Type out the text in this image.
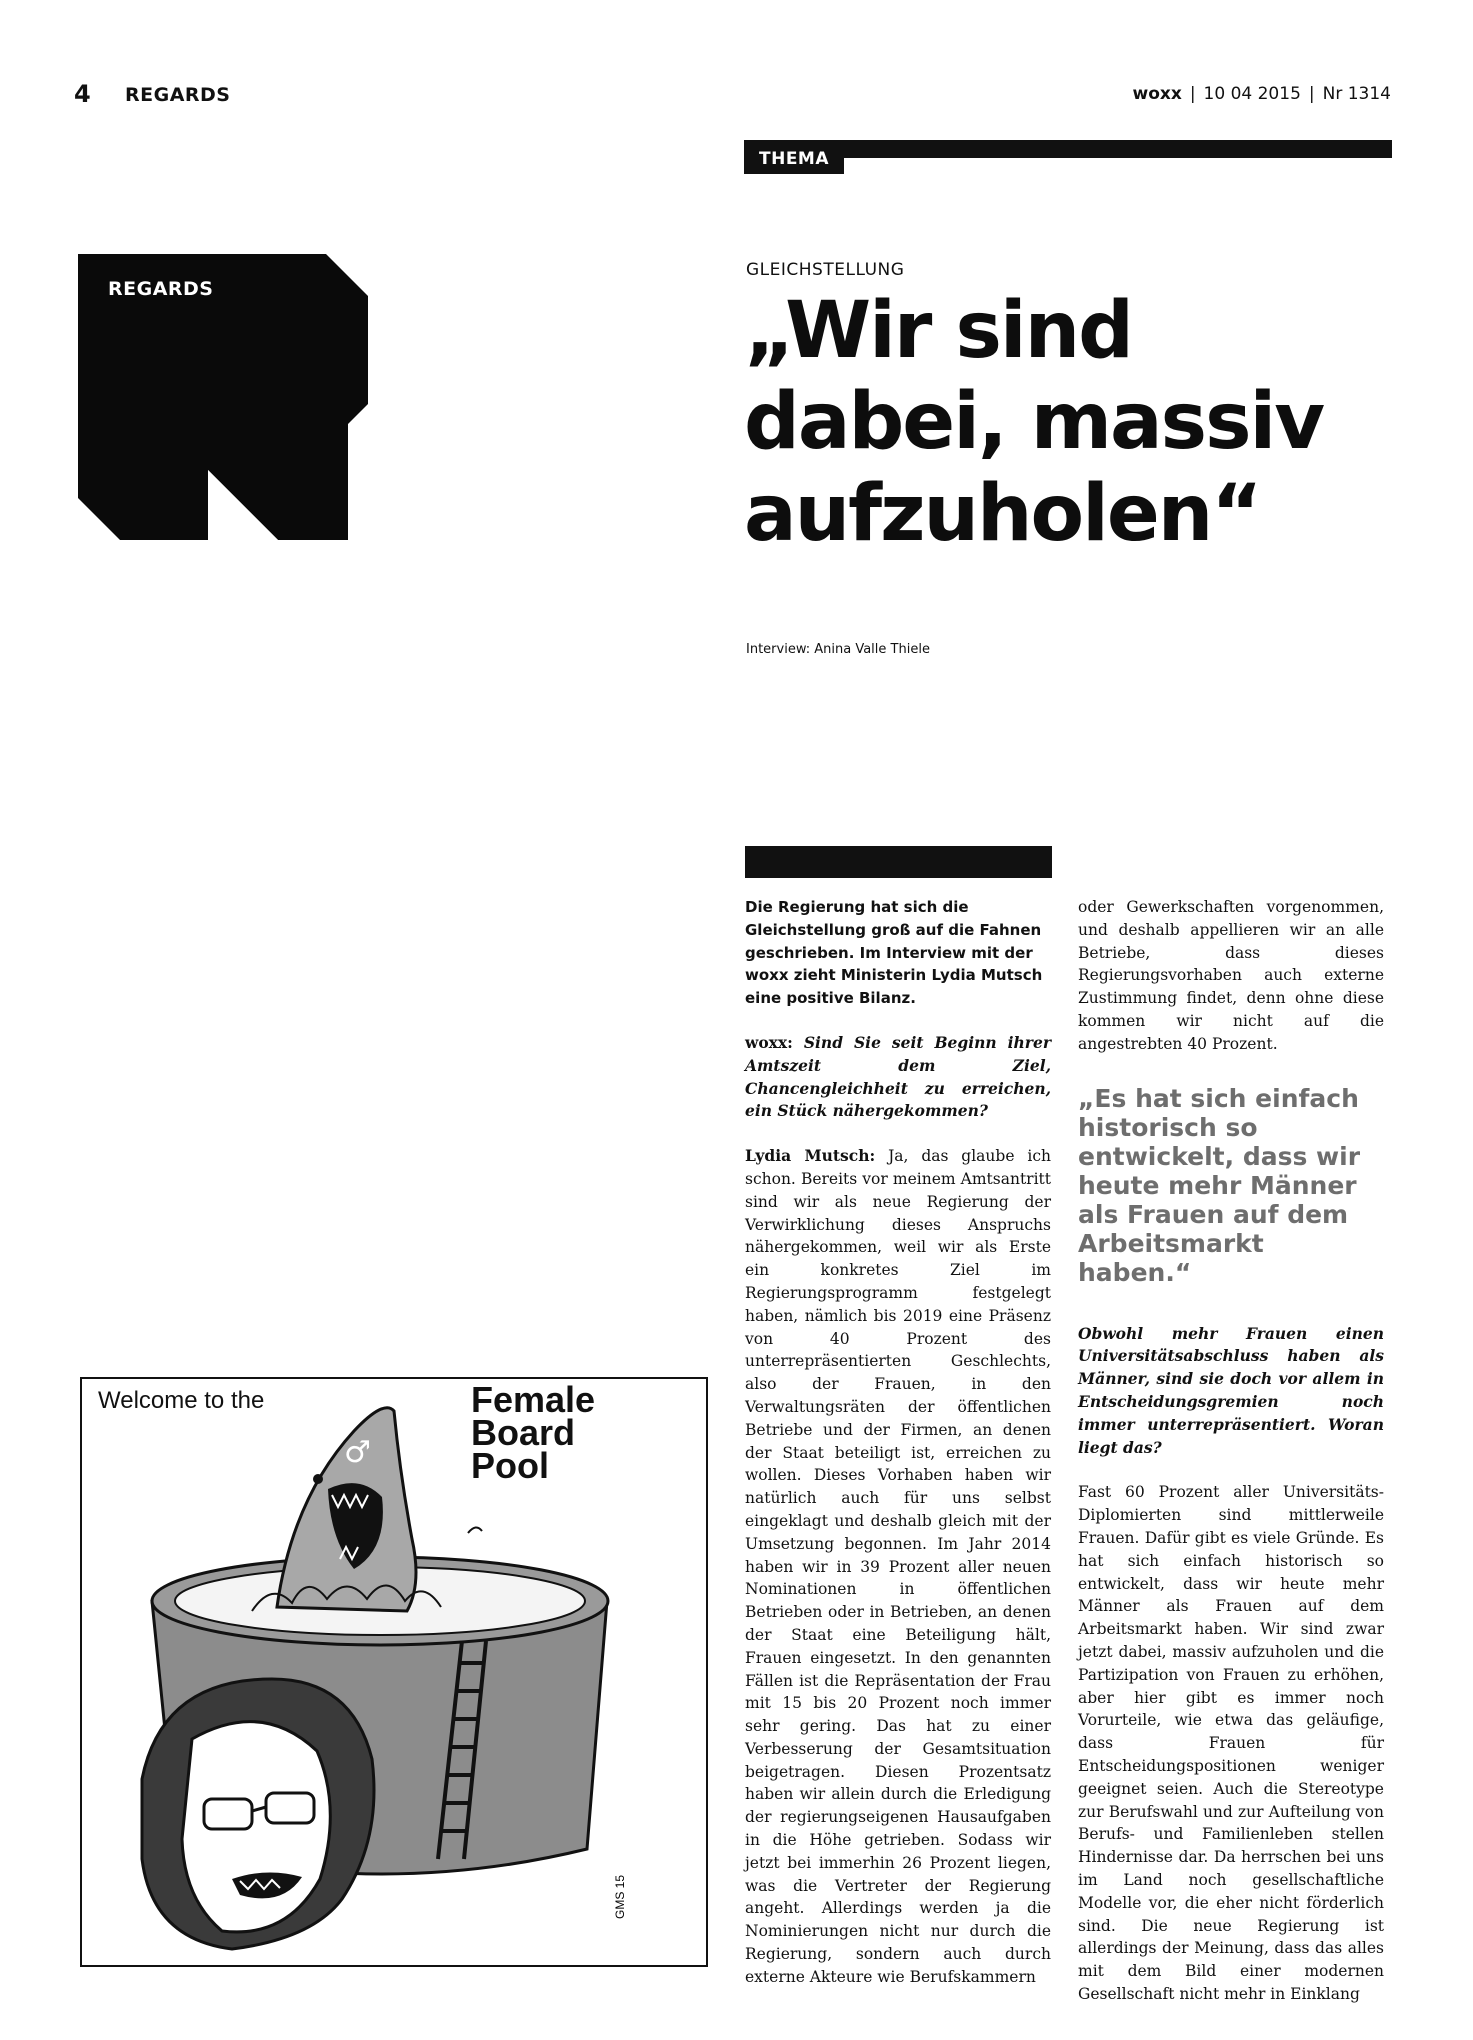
4 REGARDS	woxx | 10 04 2015 | Nr 1314
THEMA
REGARDS
GLEICHSTELLUNG
„Wir sind
dabei, massiv
aufzuholen“
Interview: Anina Valle Thiele

Die Regierung hat sich die
Gleichstellung groß auf die Fahnen
geschrieben. Im Interview mit der
woxx zieht Ministerin Lydia Mutsch
eine positive Bilanz.

woxx: Sind Sie seit Beginn ihrer Amtszeit dem Ziel, Chancengleichheit zu erreichen, ein Stück nähergekommen?

Lydia Mutsch: Ja, das glaube ich schon. Bereits vor meinem Amtsantritt sind wir als neue Regierung der Verwirklichung dieses Anspruchs nähergekommen, weil wir als Erste ein konkretes Ziel im Regierungsprogramm festgelegt haben, nämlich bis 2019 eine Präsenz von 40 Prozent des unterrepräsentierten Geschlechts, also der Frauen, in den Verwaltungsräten der öffentlichen Betriebe und der Firmen, an denen der Staat beteiligt ist, erreichen zu wollen. Dieses Vorhaben haben wir natürlich auch für uns selbst eingeklagt und deshalb gleich mit der Umsetzung begonnen. Im Jahr 2014 haben wir in 39 Prozent aller neuen Nominationen in öffentlichen Betrieben oder in Betrieben, an denen der Staat eine Beteiligung hält, Frauen eingesetzt. In den genannten Fällen ist die Repräsentation der Frau mit 15 bis 20 Prozent noch immer sehr gering. Das hat zu einer Verbesserung der Gesamtsituation beigetragen. Diesen Prozentsatz haben wir allein durch die Erledigung der regierungseigenen Hausaufgaben in die Höhe getrieben. Sodass wir jetzt bei immerhin 26 Prozent liegen, was die Vertreter der Regierung angeht. Allerdings werden ja die Nominierungen nicht nur durch die Regierung, sondern auch durch externe Akteure wie Berufskammern

oder Gewerkschaften vorgenommen, und deshalb appellieren wir an alle Betriebe, dass dieses Regierungsvorhaben auch externe Zustimmung findet, denn ohne diese kommen wir nicht auf die angestrebten 40 Prozent.

„Es hat sich einfach historisch so entwickelt, dass wir heute mehr Männer als Frauen auf dem Arbeitsmarkt haben.“

Obwohl mehr Frauen einen Universitätsabschluss haben als Männer, sind sie doch vor allem in Entscheidungsgremien noch immer unterrepräsentiert. Woran liegt das?

Fast 60 Prozent aller Universitäts-Diplomierten sind mittlerweile Frauen. Dafür gibt es viele Gründe. Es hat sich einfach historisch so entwickelt, dass wir heute mehr Männer als Frauen auf dem Arbeitsmarkt haben. Wir sind zwar jetzt dabei, massiv aufzuholen und die Partizipation von Frauen zu erhöhen, aber hier gibt es immer noch Vorurteile, wie etwa das geläufige, dass Frauen für Entscheidungspositionen weniger geeignet seien. Auch die Stereotype zur Berufswahl und zur Aufteilung von Berufs- und Familienleben stellen Hindernisse dar. Da herrschen bei uns im Land noch gesellschaftliche Modelle vor, die eher nicht förderlich sind. Die neue Regierung ist allerdings der Meinung, dass das alles mit dem Bild einer modernen Gesellschaft nicht mehr in Einklang

GMS 15
Welcome to the	Female
Board
Pool
♂
